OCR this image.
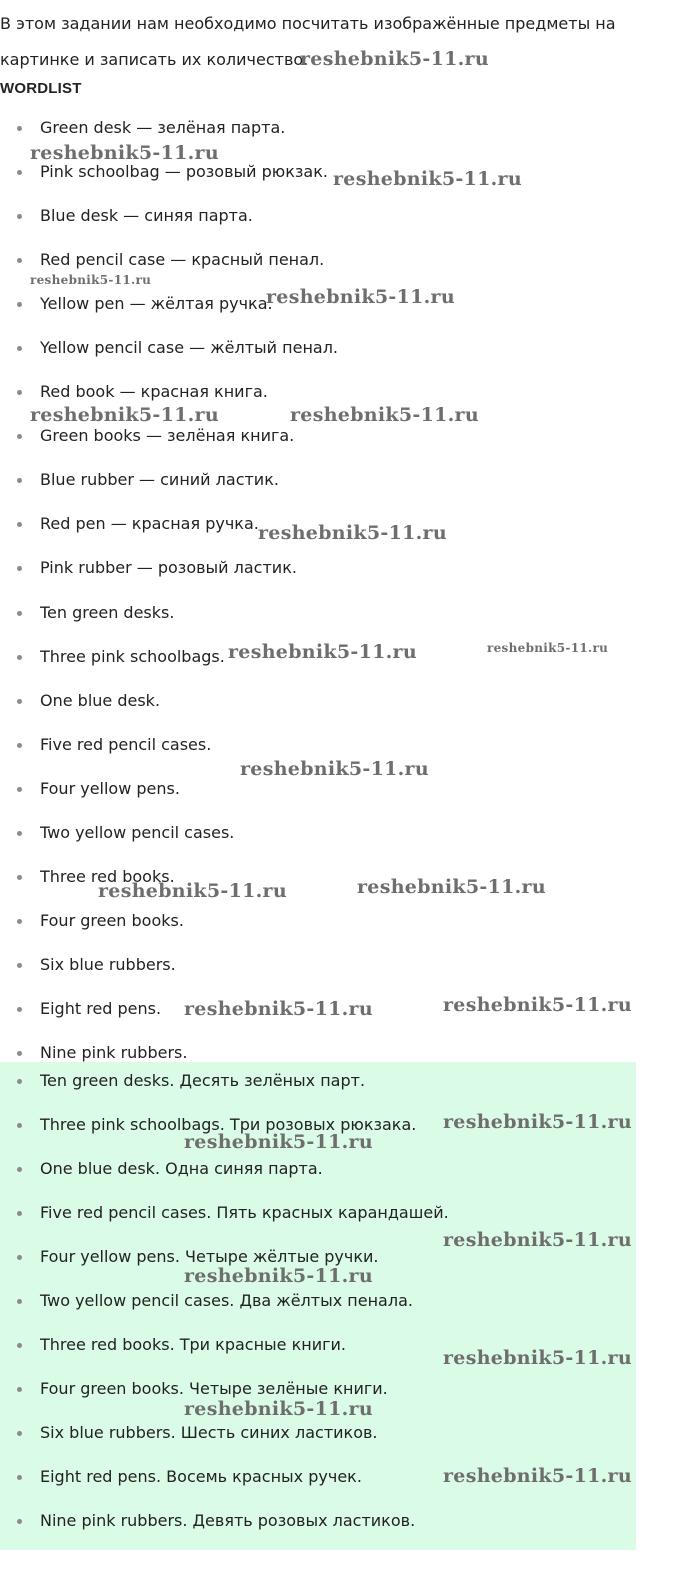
В этом задании нам необходимо посчитать изображённые предметы на картинке и записать их количество.

WORDLIST
Green desk — зелёная парта.
Pink schoolbag — розовый рюкзак.
Blue desk — синяя парта.
Red pencil case — красный пенал.
Yellow pen — жёлтая ручка.
Yellow pencil case — жёлтый пенал.
Red book — красная книга.
Green books — зелёная книга.
Blue rubber — синий ластик.
Red pen — красная ручка.
Pink rubber — розовый ластик.
Ten green desks.
Three pink schoolbags.
One blue desk.
Five red pencil cases.
Four yellow pens.
Two yellow pencil cases.
Three red books.
Four green books.
Six blue rubbers.
Eight red pens.
Nine pink rubbers.
Ten green desks. Десять зелёных парт.
Three pink schoolbags. Три розовых рюкзака.
One blue desk. Одна синяя парта.
Five red pencil cases. Пять красных карандашей.
Four yellow pens. Четыре жёлтые ручки.
Two yellow pencil cases. Два жёлтых пенала.
Three red books. Три красные книги.
Four green books. Четыре зелёные книги.
Six blue rubbers. Шесть синих ластиков.
Eight red pens. Восемь красных ручек.
Nine pink rubbers. Девять розовых ластиков.
reshebnik5-11.ru
reshebnik5-11.ru
reshebnik5-11.ru
reshebnik5-11.ru
reshebnik5-11.ru
reshebnik5-11.ru	reshebnik5-11.ru
reshebnik5-11.ru
reshebnik5-11.ru	reshebnik5-11.ru
reshebnik5-11.ru
reshebnik5-11.ru	reshebnik5-11.ru
reshebnik5-11.ru	reshebnik5-11.ru
reshebnik5-11.ru
reshebnik5-11.ru
reshebnik5-11.ru
reshebnik5-11.ru
reshebnik5-11.ru
reshebnik5-11.ru
reshebnik5-11.ru
